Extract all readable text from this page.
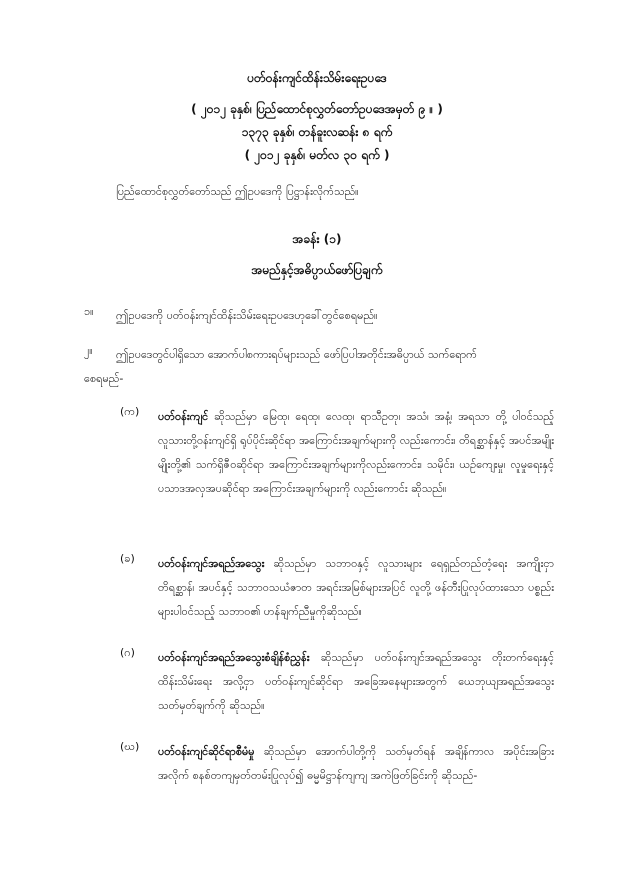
ပတ်ဝန်းကျင်ထိန်းသိမ်းရေးဥပဒေ
( ၂၀၁၂ ခုနှစ်၊ ပြည်ထောင်စုလွှတ်တော်ဥပဒေအမှတ် ၉ ။ )
၁၃၇၃ ခုနှစ်၊ တန်ခူးလဆန်း ၈ ရက်
( ၂၀၁၂ ခုနှစ်၊ မတ်လ ၃၀ ရက် )
ပြည်ထောင်စုလွှတ်တော်သည် ဤဥပဒေကို ပြဋ္ဌာန်းလိုက်သည်။
အခန်း (၁)
အမည်နှင့်အဓိပ္ပာယ်ဖော်ပြချက်
၁။ ဤဥပဒေကို ပတ်ဝန်းကျင်ထိန်းသိမ်းရေးဥပဒေဟုခေါ်တွင်စေရမည်။
၂။ ဤဥပဒေတွင်ပါရှိသော အောက်ပါစကားရပ်များသည် ဖော်ပြပါအတိုင်းအဓိပ္ပာယ် သက်ရောက်
စေရမည်-
(က) ပတ်ဝန်းကျင် ဆိုသည်မှာ မြေထု၊ ရေထု၊ လေထု၊ ရာသီဥတု၊ အသံ၊ အနံ့၊ အရသာ တို့ ပါဝင်သည့် လူသားတို့ဝန်းကျင်ရှိ ရုပ်ပိုင်းဆိုင်ရာ အကြောင်းအချက်များကို လည်းကောင်း၊ တိရစ္ဆာန်နှင့် အပင်အမျိုးမျိုးတို့၏ သက်ရှိဇီဝဆိုင်ရာ အကြောင်းအချက်များကိုလည်းကောင်း၊ သမိုင်း၊ ယဉ်ကျေးမှု၊ လူမှုရေးနှင့် ပသာဒအလှအပဆိုင်ရာ အကြောင်းအချက်များကို လည်းကောင်း ဆိုသည်။
(ခ) ပတ်ဝန်းကျင်အရည်အသွေး ဆိုသည်မှာ သဘာဝနှင့် လူသားများ ရေရှည်တည်တံ့ရေး အကျိုးငှာ တိရစ္ဆာန်၊ အပင်နှင့် သဘာဝသယံဇာတ အရင်းအမြစ်များအပြင် လူတို့ ဖန်တီးပြုလုပ်ထားသော ပစ္စည်းများပါဝင်သည့် သဘာဝ၏ ဟန်ချက်ညီမှုကိုဆိုသည်။
(ဂ) ပတ်ဝန်းကျင်အရည်အသွေးစံချိန်စံညွှန်း ဆိုသည်မှာ ပတ်ဝန်းကျင်အရည်အသွေး တိုးတက်ရေးနှင့် ထိန်းသိမ်းရေး အလို့ငှာ ပတ်ဝန်းကျင်ဆိုင်ရာ အခြေအနေများအတွက် ယေဘုယျအရည်အသွေး သတ်မှတ်ချက်ကို ဆိုသည်။
(ဃ) ပတ်ဝန်းကျင်ဆိုင်ရာစီမံမှု ဆိုသည်မှာ အောက်ပါတို့ကို သတ်မှတ်ရန် အချိန်ကာလ အပိုင်းအခြားအလိုက် စနစ်တကျမှတ်တမ်းပြုလုပ်၍ ဓမ္မမိဋ္ဌာန်ကျကျ အကဲဖြတ်ခြင်းကို ဆိုသည်-
